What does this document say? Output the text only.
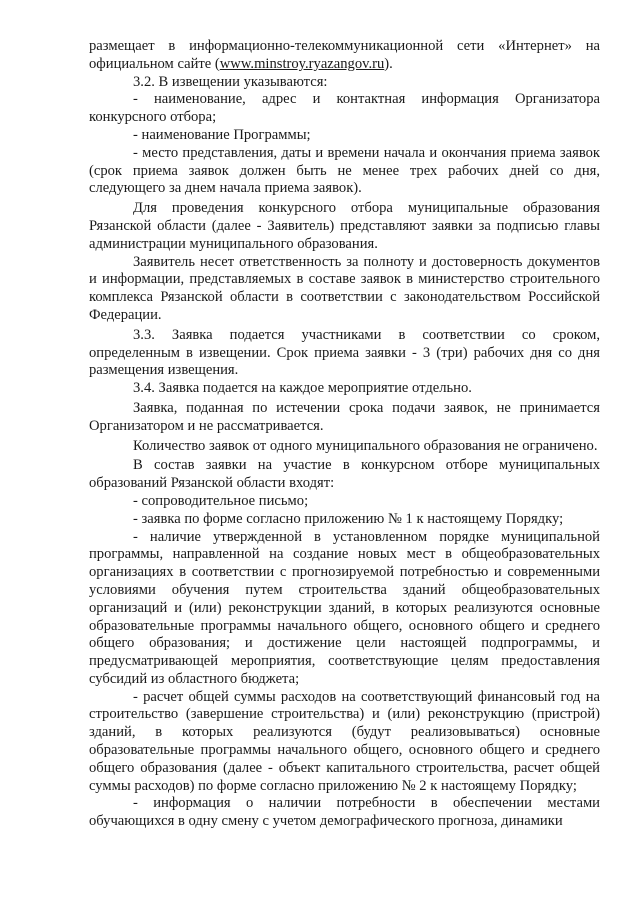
размещает в информационно-телекоммуникационной сети «Интернет» на официальном сайте (www.minstroy.ryazangov.ru).

3.2. В извещении указываются:

- наименование, адрес и контактная информация Организатора конкурсного отбора;

- наименование Программы;

- место представления, даты и времени начала и окончания приема заявок (срок приема заявок должен быть не менее трех рабочих дней со дня, следующего за днем начала приема заявок).

Для проведения конкурсного отбора муниципальные образования Рязанской области (далее - Заявитель) представляют заявки за подписью главы администрации муниципального образования.

Заявитель несет ответственность за полноту и достоверность документов и информации, представляемых в составе заявок в министерство строительного комплекса Рязанской области в соответствии с законодательством Российской Федерации.

3.3. Заявка подается участниками в соответствии со сроком, определенным в извещении. Срок приема заявки - 3 (три) рабочих дня со дня размещения извещения.

3.4. Заявка подается на каждое мероприятие отдельно.

Заявка, поданная по истечении срока подачи заявок, не принимается Организатором и не рассматривается.

Количество заявок от одного муниципального образования не ограничено.

В состав заявки на участие в конкурсном отборе муниципальных образований Рязанской области входят:

- сопроводительное письмо;

- заявка по форме согласно приложению № 1 к настоящему Порядку;

- наличие утвержденной в установленном порядке муниципальной программы, направленной на создание новых мест в общеобразовательных организациях в соответствии с прогнозируемой потребностью и современными условиями обучения путем строительства зданий общеобразовательных организаций и (или) реконструкции зданий, в которых реализуются основные образовательные программы начального общего, основного общего и среднего общего образования; и достижение цели настоящей подпрограммы, и предусматривающей мероприятия, соответствующие целям предоставления субсидий из областного бюджета;

- расчет общей суммы расходов на соответствующий финансовый год на строительство (завершение строительства) и (или) реконструкцию (пристрой) зданий, в которых реализуются (будут реализовываться) основные образовательные программы начального общего, основного общего и среднего общего образования (далее - объект капитального строительства, расчет общей суммы расходов) по форме согласно приложению № 2 к настоящему Порядку;

- информация о наличии потребности в обеспечении местами обучающихся в одну смену с учетом демографического прогноза, динамики
